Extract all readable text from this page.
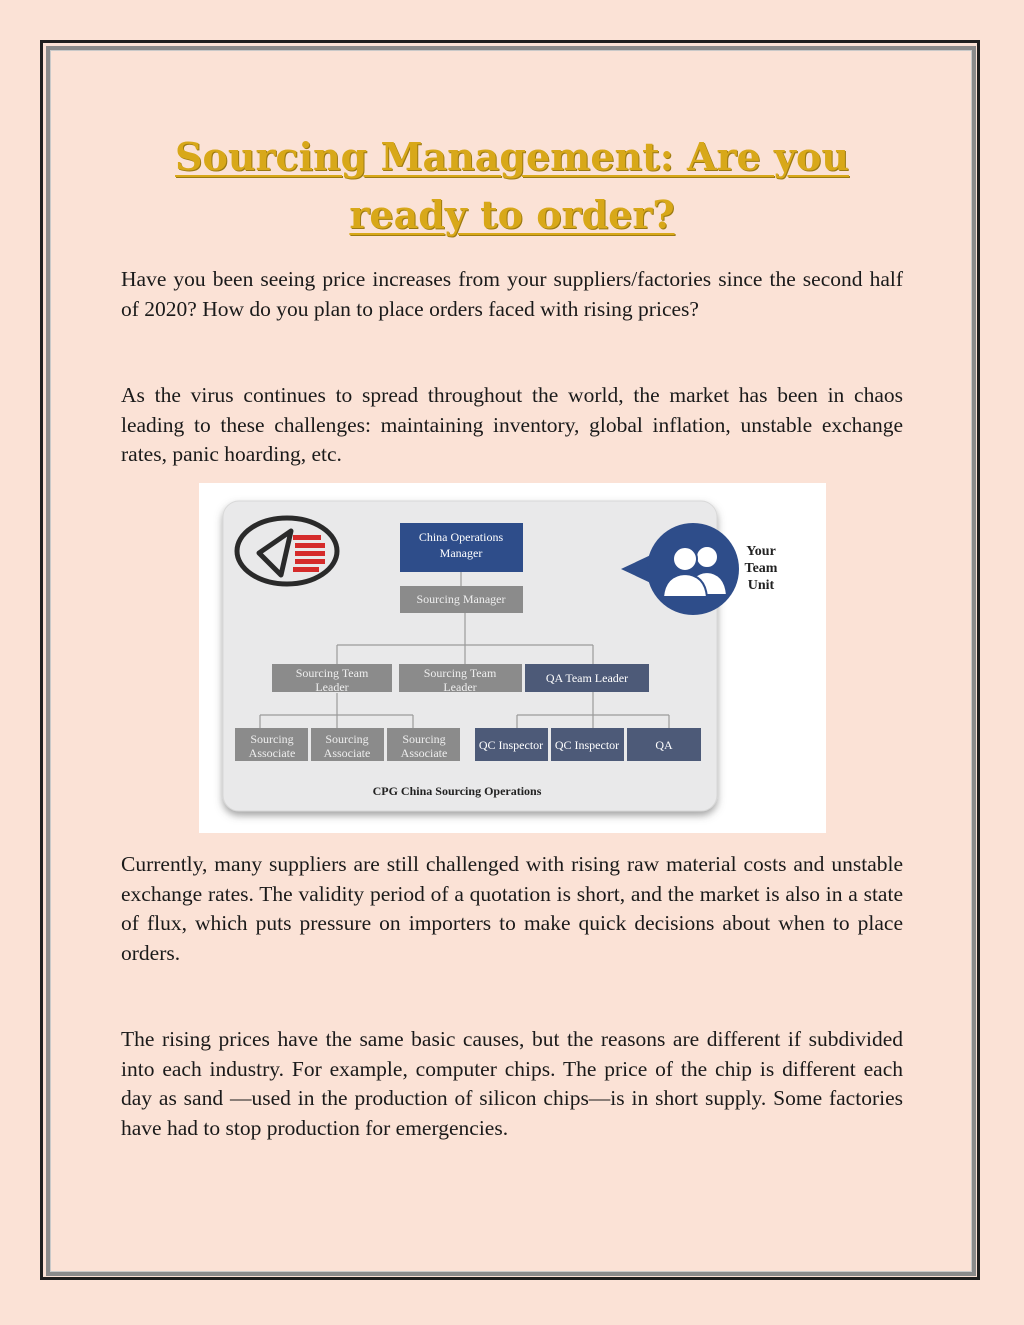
Sourcing Management: Are you ready to order?

Have you been seeing price increases from your suppliers/factories since the second half of 2020? How do you plan to place orders faced with rising prices?

As the virus continues to spread throughout the world, the market has been in chaos leading to these challenges: maintaining inventory, global inflation, unstable exchange rates, panic hoarding, etc.

China Operations
Manager
Sourcing Manager
Sourcing Team
Leader
Sourcing Team
Leader
QA Team Leader
Sourcing
Associate
Sourcing
Associate
Sourcing
Associate
QC Inspector QC Inspector	QA
CPG China Sourcing Operations
Your
Team
Unit

Currently, many suppliers are still challenged with rising raw material costs and unstable exchange rates. The validity period of a quotation is short, and the market is also in a state of flux, which puts pressure on importers to make quick decisions about when to place orders.

The rising prices have the same basic causes, but the reasons are different if subdivided into each industry. For example, computer chips. The price of the chip is different each day as sand —used in the production of silicon chips—is in short supply. Some factories have had to stop production for emergencies.
